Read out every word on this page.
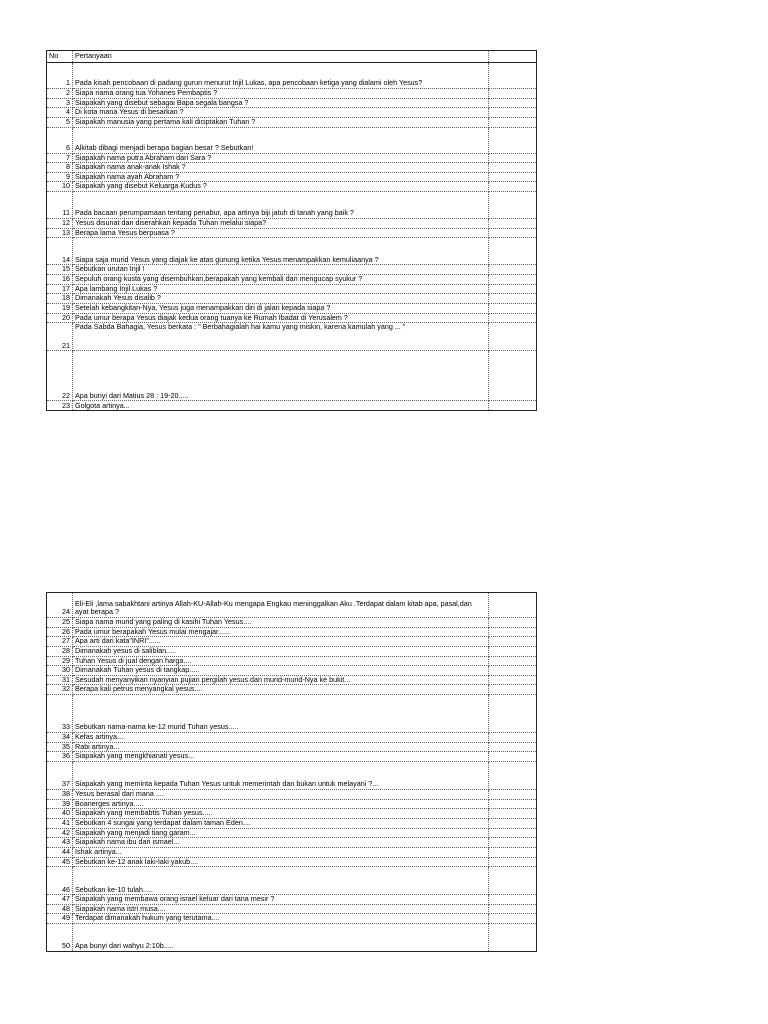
No	Pertanyaan	
1	Pada kisah pencobaan di padang gurun menurut Injil Lukas, apa pencobaan ketiga yang dialami oleh Yesus?	
2	Siapa nama orang tua Yohanes Pembaptis ?	
3	Siapakah yang disebut sebagai Bapa segala bangsa ?	
4	Di kota mana Yesus di besarkan ?	
5	Siapakah manusia yang pertama kali diciptakan Tuhan ?	
6	Alkitab dibagi menjadi berapa bagian besar ? Sebutkan!	
7	Siapakah nama putra Abraham dari Sara ?	
8	Siapakah nama anak-anak Ishak ?	
9	Siapakah nama ayah Abraham ?	
10	Siapakah yang disebut Keluarga Kudus ?	
11	Pada bacaan perumpamaan tentang penabur, apa artinya biji jatuh di tanah yang baik ?	
12	Yesus disunat dan diserahkan kepada Tuhan melalui siapa?	
13	Berapa lama Yesus berpuasa ?	
14	Siapa saja murid Yesus yang diajak ke atas gunung ketika Yesus menampakkan kemuliaanya ?	
15	Sebutkan urutan Injil !	
16	Sepuluh orang kusta yang disembuhkan,berapakah yang kembali dan mengucap syukur ?	
17	Apa lambang Injil Lukas ?	
18	Dimanakah Yesus disalib ?	
19	Setelah kebangkitan-Nya, Yesus juga menampakkan diri di jalan kepada siapa ?	
20	Pada umur berapa Yesus diajak kedua orang tuanya ke Rumah Ibadat di Yerusalem ?	
21	Pada Sabda Bahagia, Yesus berkata : " Berbahagialah hai kamu yang miskin, karena kamulah yang ... "	
22	Apa bunyi dari Matius 28 : 19-20.....	
23	Golgota artinya...	
24	Eli-Eli ,lama sabakhtani artinya Allah-KU-Allah-Ku mengapa Engkau meninggalkan Aku .Terdapat dalam kitab apa, pasal,dan ayat berapa ?	
25	Siapa nama murid yang paling di kasihi Tuhan Yesus....	
26	Pada umur berapakah Yesus mulai mengajar......	
27	Apa arti dari kata"INRI"......	
28	Dimanakah yesus di saliblan.....	
29	Tuhan Yesus di jual dengan harga....	
30	Dimanakah Tuhan yesus di tangkap.....	
31	Sesudah menyanyikan nyanyian pujian pergilah yesus dan murid-murid-Nya ke bukit...	
32	Berapa kali petrus menyangkal yesus....	
33	Sebutkan nama-nama ke-12 murid Tuhan yesus.....	
34	Kefas artinya....	
35	Rabi artinya...	
36	Siapakah yang mengkhianati yesus...	
37	Siapakah yang meminta kepada Tuhan Yesus untuk memerintah dan bukan untuk melayani ?...	
38	Yesus berasal dari mana ....	
39	Boanerges artinya.....	
40	Siapakah yang membabtis Tuhan yesus.....	
41	Sebutkan 4 sungai yang terdapat dalam taman Eden....	
42	Siapakah yang menjadi tiang garam...	
43	Siapakah nama ibu dari ismael...	
44	Ishak artinya...	
45	Sebutkan ke-12 anak laki-laki yakub....	
46	Sebutkan ke-10 tulah.....	
47	Siapakah yang membawa orang israel keluar dari tana mesir ?	
48	Siapakah nama istri musa....	
49	Terdapat dimanakah hukum yang terutama....	
50	Apa bunyi dari wahyu 2:10b.....	
